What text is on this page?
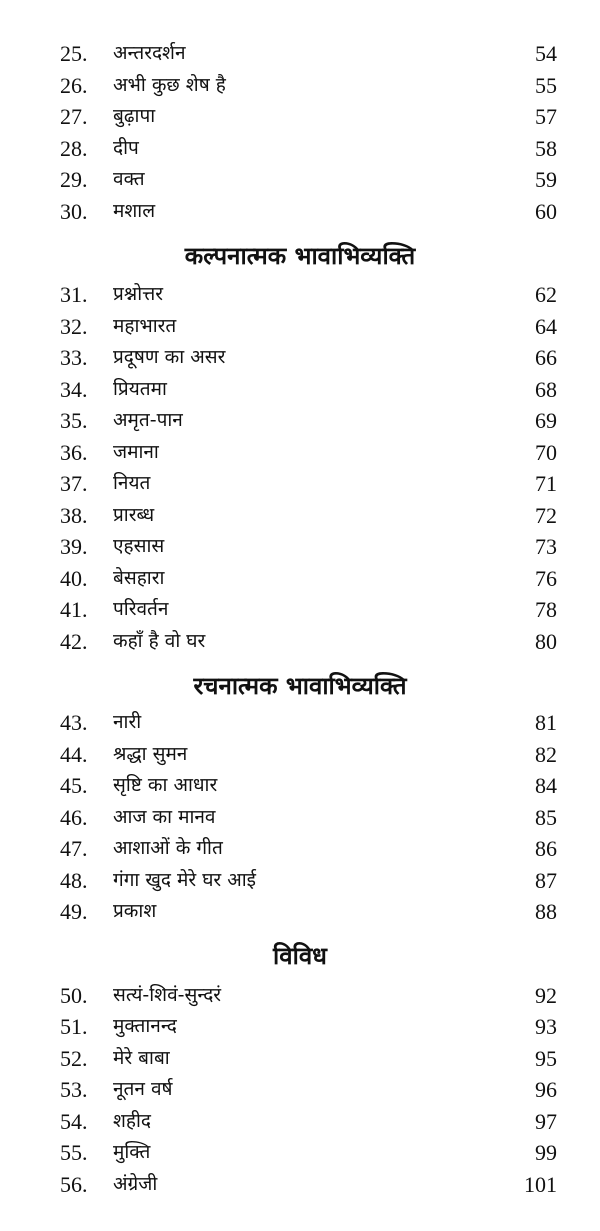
25. अन्तरदर्शन	54
26. अभी कुछ शेष है	55
27. बुढ़ापा	57
28. दीप	58
29. वक्त	59
30. मशाल	60
कल्पनात्मक भावाभिव्यक्ति
31. प्रश्नोत्तर	62
32. महाभारत	64
33. प्रदूषण का असर	66
34. प्रियतमा	68
35. अमृत-पान	69
36. जमाना	70
37. नियत	71
38. प्रारब्ध	72
39. एहसास	73
40. बेसहारा	76
41. परिवर्तन	78
42. कहाँ है वो घर	80
रचनात्मक भावाभिव्यक्ति
43. नारी	81
44. श्रद्धा सुमन	82
45. सृष्टि का आधार	84
46. आज का मानव	85
47. आशाओं के गीत	86
48. गंगा खुद मेरे घर आई	87
49. प्रकाश	88
विविध
50. सत्यं-शिवं-सुन्दरं	92
51. मुक्तानन्द	93
52. मेरे बाबा	95
53. नूतन वर्ष	96
54. शहीद	97
55. मुक्ति	99
56. अंग्रेजी	101
